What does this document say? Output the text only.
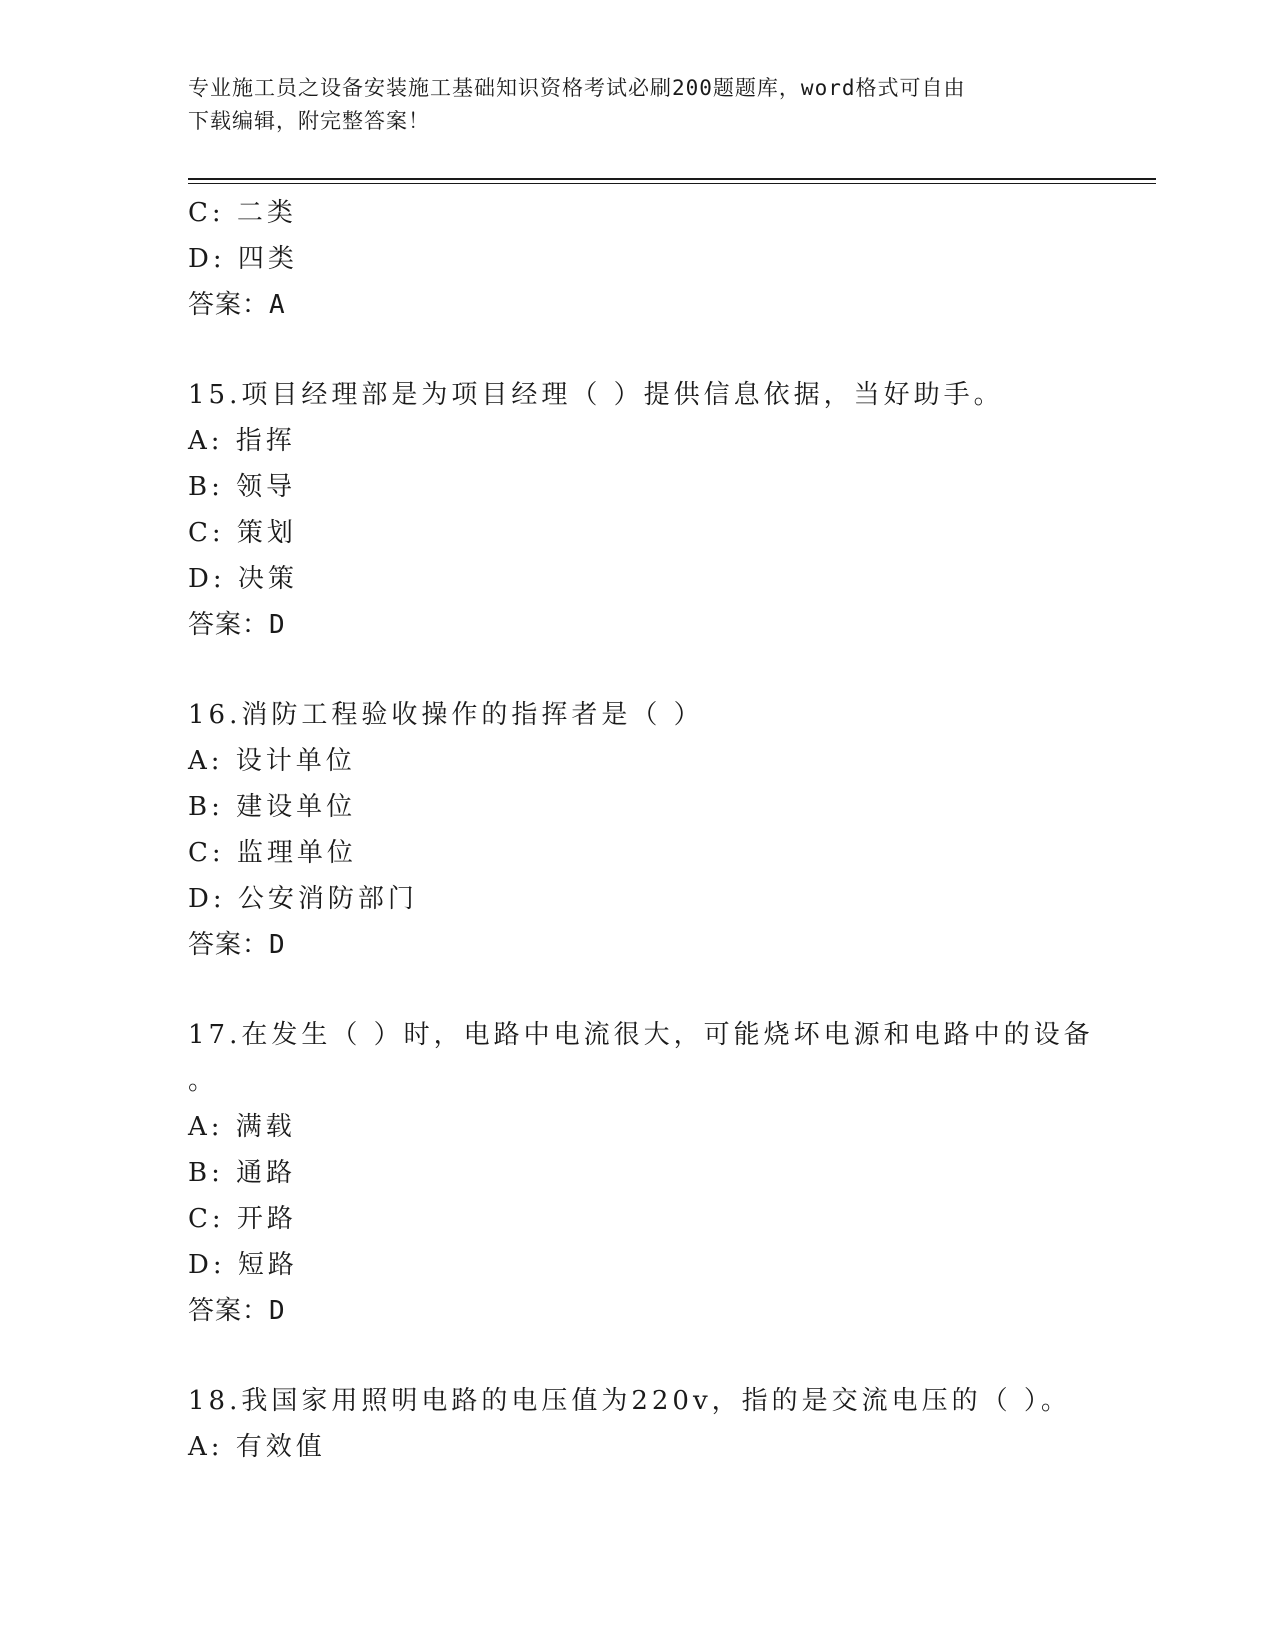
专业施工员之设备安装施工基础知识资格考试必刷200题题库，word格式可自由
下载编辑，附完整答案！
C: 二类
D: 四类
答案：A
15.项目经理部是为项目经理（ ）提供信息依据，当好助手。
A: 指挥
B: 领导
C: 策划
D: 决策
答案：D
16.消防工程验收操作的指挥者是（ ）
A: 设计单位
B: 建设单位
C: 监理单位
D: 公安消防部门
答案：D
17.在发生（ ）时，电路中电流很大，可能烧坏电源和电路中的设备
。
A: 满载
B: 通路
C: 开路
D: 短路
答案：D
18.我国家用照明电路的电压值为220v，指的是交流电压的（ ）。
A: 有效值
